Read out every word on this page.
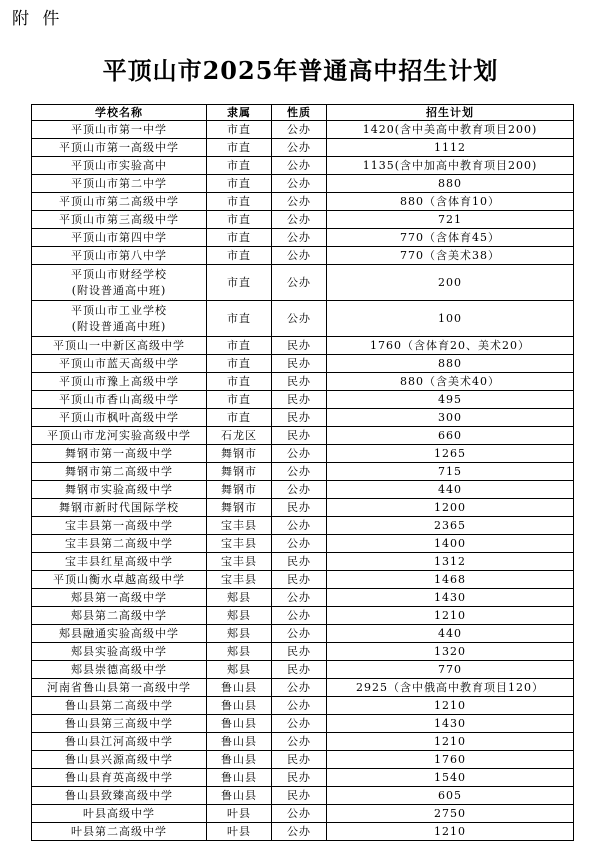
附 件
平顶山市2025年普通高中招生计划
学校名称	隶属	性质	招生计划

平顶山市第一中学	市直	公办	1420(含中美高中教育项目200)

平顶山市第一高级中学	市直	公办	1112

平顶山市实验高中	市直	公办	1135(含中加高中教育项目200)

平顶山市第二中学	市直	公办	880

平顶山市第二高级中学	市直	公办	880（含体育10）

平顶山市第三高级中学	市直	公办	721

平顶山市第四中学	市直	公办	770（含体育45）

平顶山市第八中学	市直	公办	770（含美术38）

平顶山市财经学校
(附设普通高中班)	市直	公办	200

平顶山市工业学校
(附设普通高中班)	市直	公办	100

平顶山一中新区高级中学	市直	民办	1760（含体育20、美术20）

平顶山市蓝天高级中学	市直	民办	880

平顶山市豫上高级中学	市直	民办	880（含美术40）

平顶山市香山高级中学	市直	民办	495

平顶山市枫叶高级中学	市直	民办	300

平顶山市龙河实验高级中学	石龙区	民办	660

舞钢市第一高级中学	舞钢市	公办	1265

舞钢市第二高级中学	舞钢市	公办	715

舞钢市实验高级中学	舞钢市	公办	440

舞钢市新时代国际学校	舞钢市	民办	1200

宝丰县第一高级中学	宝丰县	公办	2365

宝丰县第二高级中学	宝丰县	公办	1400

宝丰县红星高级中学	宝丰县	民办	1312

平顶山衡水卓越高级中学	宝丰县	民办	1468

郏县第一高级中学	郏县	公办	1430

郏县第二高级中学	郏县	公办	1210

郏县融通实验高级中学	郏县	公办	440

郏县实验高级中学	郏县	民办	1320

郏县崇德高级中学	郏县	民办	770

河南省鲁山县第一高级中学	鲁山县	公办	2925（含中俄高中教育项目120）

鲁山县第二高级中学	鲁山县	公办	1210

鲁山县第三高级中学	鲁山县	公办	1430

鲁山县江河高级中学	鲁山县	公办	1210

鲁山县兴源高级中学	鲁山县	民办	1760

鲁山县育英高级中学	鲁山县	民办	1540

鲁山县致臻高级中学	鲁山县	民办	605

叶县高级中学	叶县	公办	2750

叶县第二高级中学	叶县	公办	1210
